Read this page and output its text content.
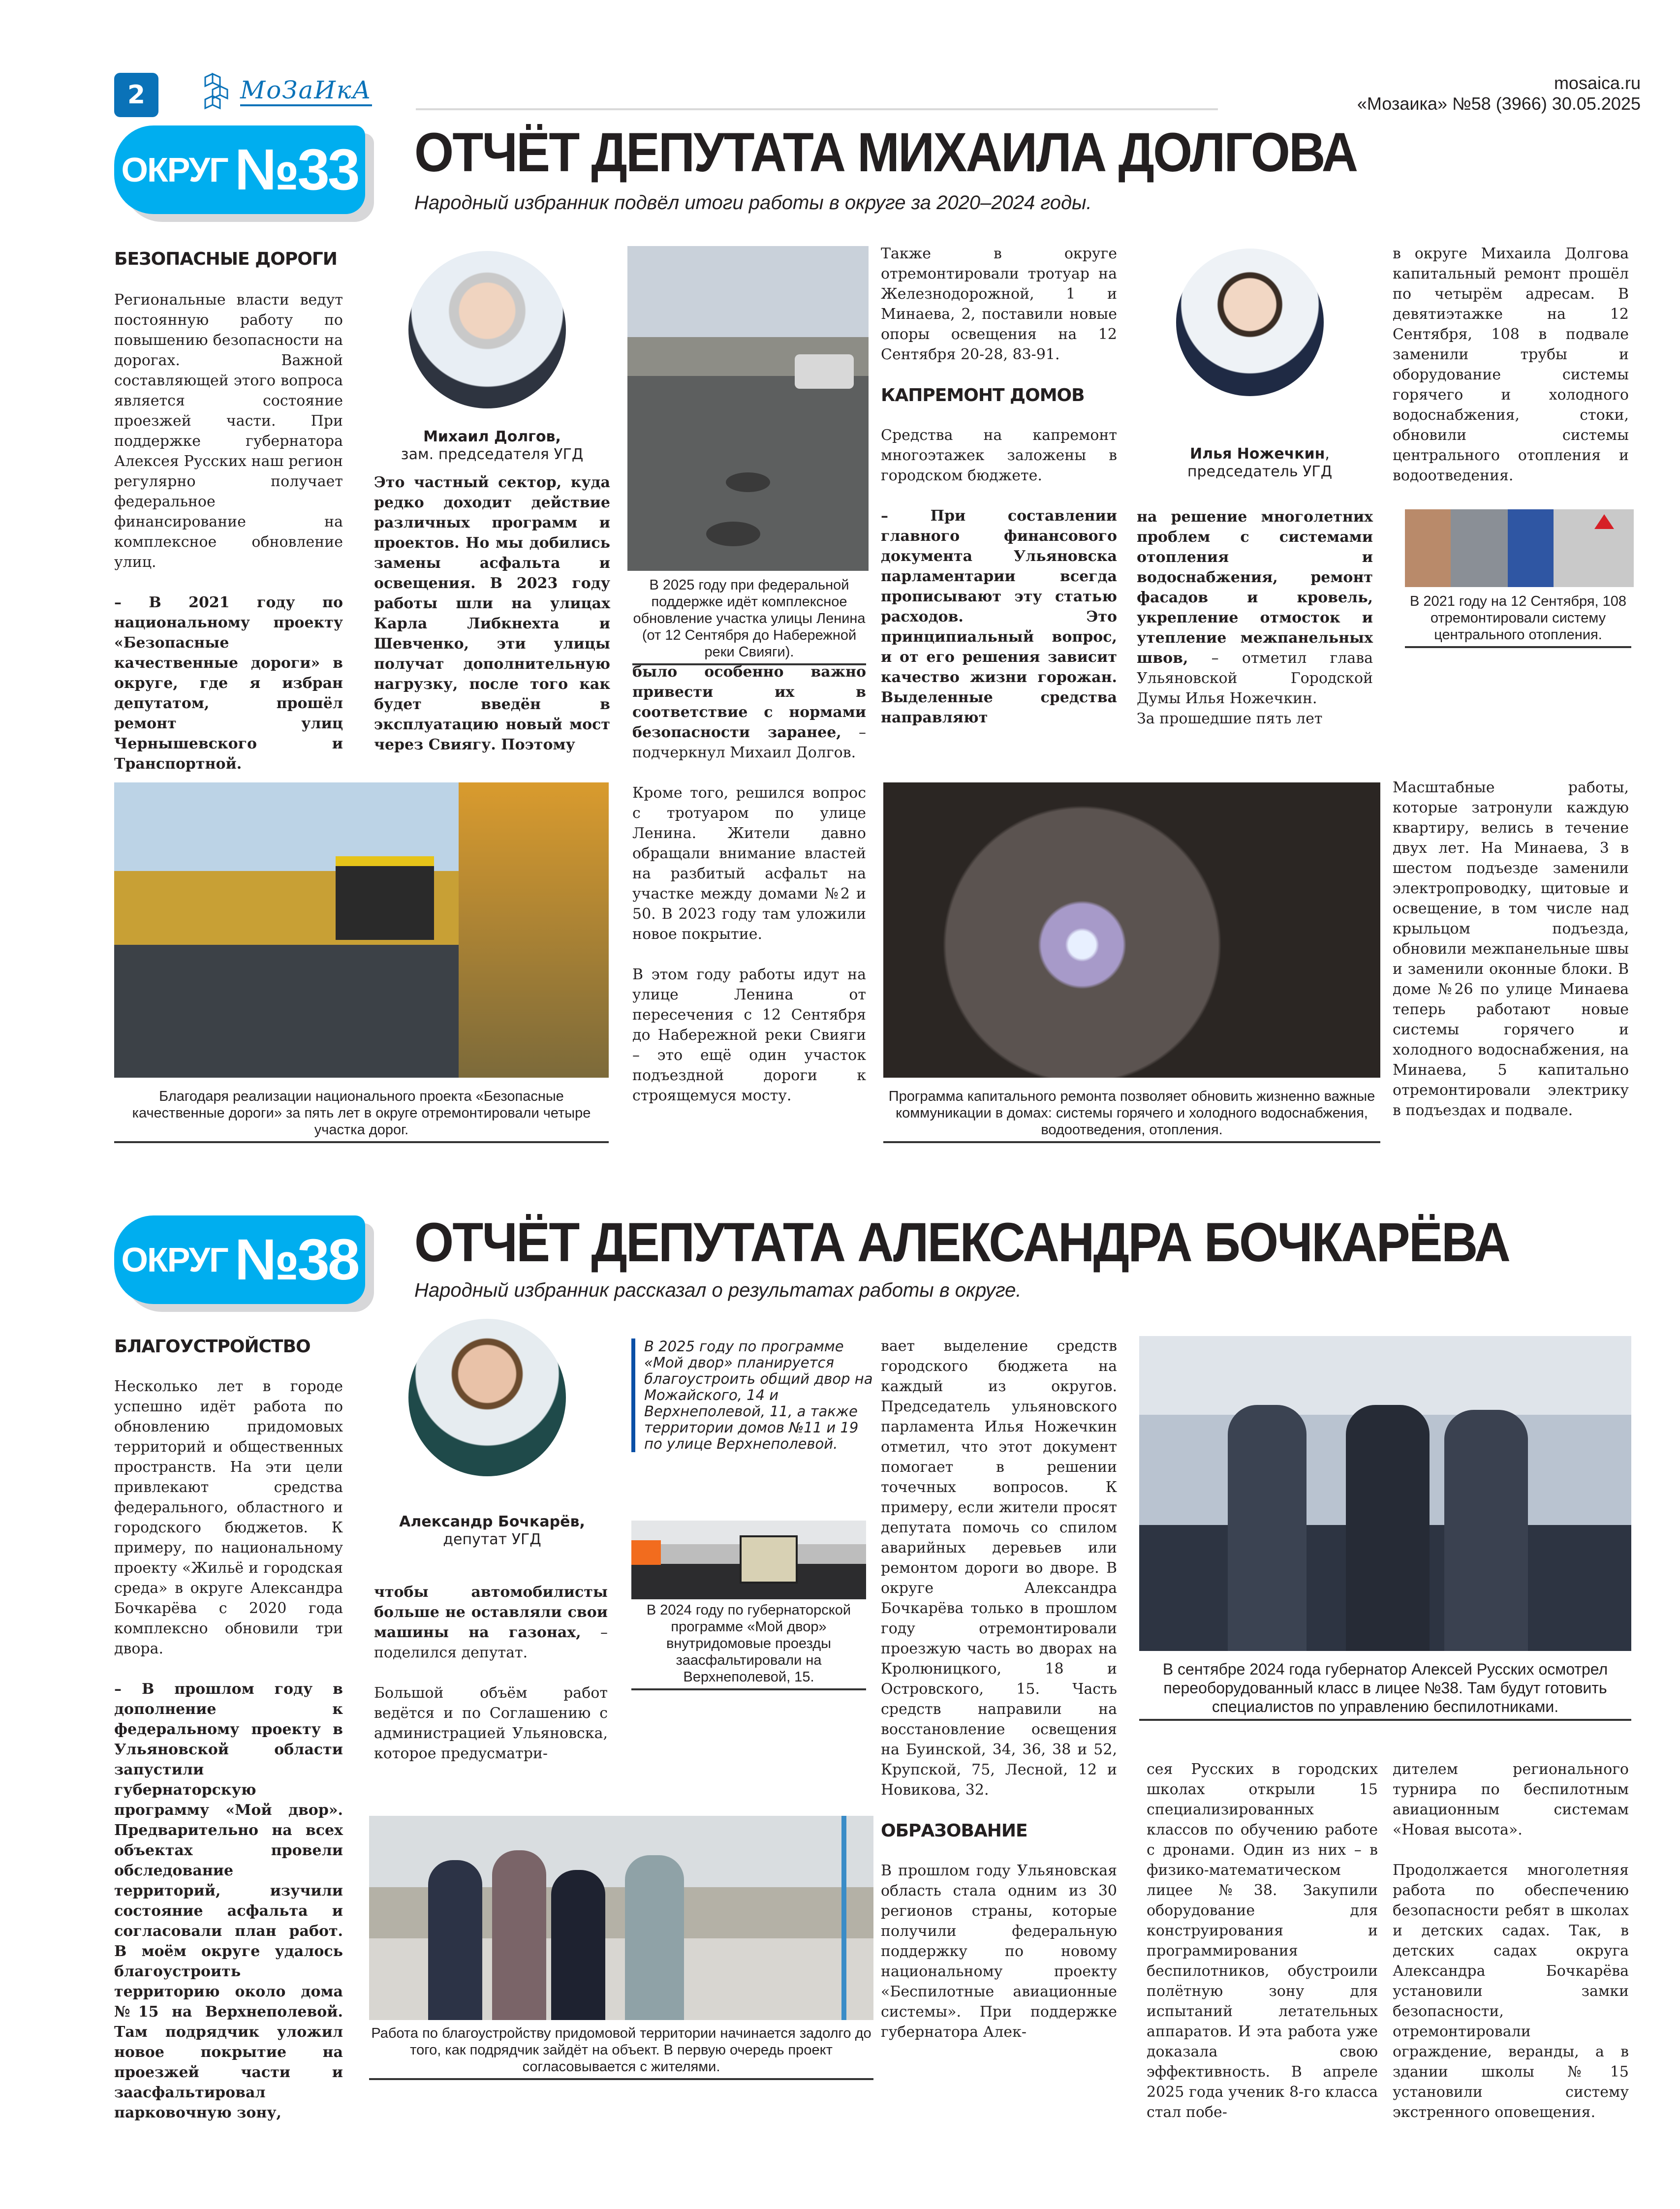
2	МоЗаИкА	mosaica.ru
«Мозаика» №58 (3966) 30.05.2025
ОКРУГ №33 ОТЧЁТ ДЕПУТАТА МИХАИЛА ДОЛГОВА
Народный избранник подвёл итоги работы в округе за 2020–2024 годы.
БЕЗОПАСНЫЕ ДОРОГИ

Региональные власти ведут постоянную работу по повышению безопасности на дорогах. Важной составляющей этого вопроса является состояние проезжей части. При поддержке губернатора Алексея Русских наш регион регулярно получает федеральное финансирование на комплексное обновление улиц.

– В 2021 году по национальному проекту «Безопасные качественные дороги» в округе, где я избран депутатом, прошёл ремонт улиц Чернышевского и Транспортной.

Михаил Долгов,
зам. председателя УГД

Это частный сектор, куда редко доходит действие различных программ и проектов. Но мы добились замены асфальта и освещения. В 2023 году работы шли на улицах Карла Либкнехта и Шевченко, эти улицы получат дополнительную нагрузку, после того как будет введён в эксплуатацию новый мост через Свиягу. Поэтому

В 2025 году при федеральной поддержке идёт комплексное обновление участка улицы Ленина (от 12 Сентября до Набережной реки Свияги).

было особенно важно привести их в соответствие с нормами безопасности заранее, – подчеркнул Михаил Долгов.

Кроме того, решился вопрос с тротуаром по улице Ленина. Жители давно обращали внимание властей на разбитый асфальт на участке между домами №2 и 50. В 2023 году там уложили новое покрытие.

В этом году работы идут на улице Ленина от пересечения с 12 Сентября до Набережной реки Свияги – это ещё один участок подъездной дороги к строящемуся мосту.

Также в округе отремонтировали тротуар на Железнодорожной, 1 и Минаева, 2, поставили новые опоры освещения на 12 Сентября 20-28, 83-91.

КАПРЕМОНТ ДОМОВ

Средства на капремонт многоэтажек заложены в городском бюджете.

– При составлении главного финансового документа Ульяновска парламентарии всегда прописывают эту статью расходов. Это принципиальный вопрос, и от его решения зависит качество жизни горожан. Выделенные средства направляют

Илья Ножечкин,
председатель УГД

на решение многолетних проблем с системами отопления и водоснабжения, ремонт фасадов и кровель, укрепление отмосток и утепление межпанельных швов, – отметил глава Ульяновской Городской Думы Илья Ножечкин.

За прошедшие пять лет

в округе Михаила Долгова капитальный ремонт прошёл по четырём адресам. В девятиэтажке на 12 Сентября, 108 в подвале заменили трубы и оборудование системы горячего и холодного водоснабжения, стоки, обновили системы центрального отопления и водоотведения.

В 2021 году на 12 Сентября, 108 отремонтировали систему центрального отопления.

Масштабные работы, которые затронули каждую квартиру, велись в течение двух лет. На Минаева, 3 в шестом подъезде заменили электропроводку, щитовые и освещение, в том числе над крыльцом подъезда, обновили межпанельные швы и заменили оконные блоки. В доме №26 по улице Минаева теперь работают новые системы горячего и холодного водоснабжения, на Минаева, 5 капитально отремонтировали электрику в подъездах и подвале.

Благодаря реализации национального проекта «Безопасные качественные дороги» за пять лет в округе отремонтировали четыре участка дорог.
Программа капитального ремонта позволяет обновить жизненно важные коммуникации в домах: системы горячего и холодного водоснабжения, водоотведения, отопления.
ОКРУГ №38 ОТЧЁТ ДЕПУТАТА АЛЕКСАНДРА БОЧКАРЁВА
Народный избранник рассказал о результатах работы в округе.
БЛАГОУСТРОЙСТВО

Несколько лет в городе успешно идёт работа по обновлению придомовых территорий и общественных пространств. На эти цели привлекают средства федерального, областного и городского бюджетов. К примеру, по национальному проекту «Жильё и городская среда» в округе Александра Бочкарёва с 2020 года комплексно обновили три двора.

– В прошлом году в дополнение к федеральному проекту в Ульяновской области запустили губернаторскую программу «Мой двор». Предварительно на всех объектах провели обследование территорий, изучили состояние асфальта и согласовали план работ. В моём округе удалось благоустроить территорию около дома №15 на Верхнеполевой. Там подрядчик уложил новое покрытие на проезжей части и заасфальтировал парковочную зону,

Александр Бочкарёв,
депутат УГД

чтобы автомобилисты больше не оставляли свои машины на газонах, – поделился депутат.

Большой объём работ ведётся и по Соглашению с администрацией Ульяновска, которое предусматри-

В 2025 году по программе «Мой двор» планируется благоустроить общий двор на Можайского, 14 и Верхнеполевой, 11, а также территории домов №11 и 19 по улице Верхнеполевой.
В 2024 году по губернаторской программе «Мой двор» внутридомовые проезды заасфальтировали на Верхнеполевой, 15.

вает выделение средств городского бюджета на каждый из округов. Председатель ульяновского парламента Илья Ножечкин отметил, что этот документ помогает в решении точечных вопросов. К примеру, если жители просят депутата помочь со спилом аварийных деревьев или ремонтом дороги во дворе. В округе Александра Бочкарёва только в прошлом году отремонтировали проезжую часть во дворах на Кролюницкого, 18 и Островского, 15. Часть средств направили на восстановление освещения на Буинской, 34, 36, 38 и 52, Крупской, 75, Лесной, 12 и Новикова, 32.

ОБРАЗОВАНИЕ

В прошлом году Ульяновская область стала одним из 30 регионов страны, которые получили федеральную поддержку по новому национальному проекту «Беспилотные авиационные системы». При поддержке губернатора Алек-

В сентябре 2024 года губернатор Алексей Русских осмотрел переоборудованный класс в лицее №38. Там будут готовить специалистов по управлению беспилотниками.

сея Русских в городских школах открыли 15 специализированных классов по обучению работе с дронами. Один из них – в физико-математическом лицее №38. Закупили оборудование для конструирования и программирования беспилотников, обустроили полётную зону для испытаний летательных аппаратов. И эта работа уже доказала свою эффективность. В апреле 2025 года ученик 8-го класса стал побе-

дителем регионального турнира по беспилотным авиационным системам «Новая высота».

Продолжается многолетняя работа по обеспечению безопасности ребят в школах и детских садах. Так, в детских садах округа Александра Бочкарёва установили замки безопасности, отремонтировали ограждение, веранды, а в здании школы №15 установили систему экстренного оповещения.

Работа по благоустройству придомовой территории начинается задолго до того, как подрядчик зайдёт на объект. В первую очередь проект согласовывается с жителями.
